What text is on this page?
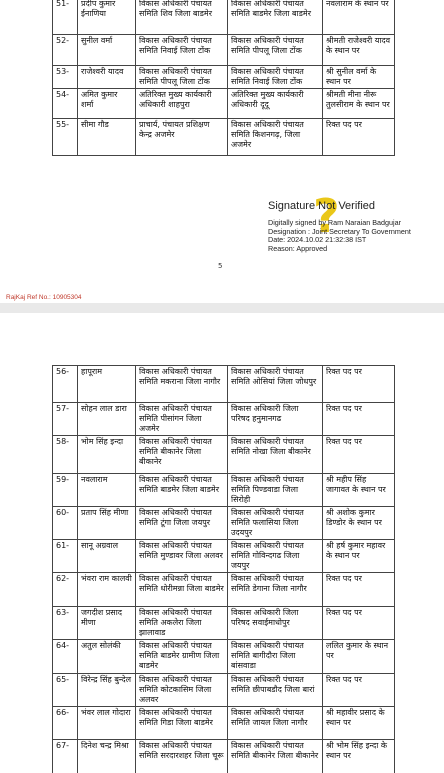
51-	प्रदीप कुमार ईनाणिया	विकास अधिकारी पंचायत समिति शिव जिला बाडमेर	विकास अधिकारी पंचायत समिति बाडमेर जिला बाडमेर	नवलाराम के स्थान पर
52-	सुनील वर्मा	विकास अधिकारी पंचायत समिति निवाई जिला टोंक	विकास अधिकारी पंचायत समिति पीपलू जिला टोंक	श्रीमती राजेश्वरी यादव के स्थान पर
53-	राजेश्वरी यादव	विकास अधिकारी पंचायत समिति पीपलू जिला टोंक	विकास अधिकारी पंचायत समिति निवाई जिला टोंक	श्री सुनील वर्मा के स्थान पर
54-	अमित कुमार शर्मा	अतिरिक्त मुख्य कार्यकारी अधिकारी शाहपुरा	अतिरिक्त मुख्य कार्यकारी अधिकारी दूदू	श्रीमती मीना नीरू तुलसीराम के स्थान पर
55-	सीमा गौड	प्राचार्य, पंचायत प्रशिक्षण केन्द्र अजमेर	विकास अधिकारी पंचायत समिति किशनगढ़, जिला अजमेर	रिक्त पद पर
?
Signature Not Verified
Digitally signed by Ram Naraian Badgujar
Designation : Joint Secretary To Government
Date: 2024.10.02 21:32:38 IST
Reason: Approved
5
RajKaj Ref No.: 10905304
56-	हापूराम	विकास अधिकारी पंचायत समिति मकराना जिला नागौर	विकास अधिकारी पंचायत समिति ओसियां जिला जोधपुर	रिक्त पद पर
57-	सोहन लाल डारा	विकास अधिकारी पंचायत समिति पीसांगन जिला अजमेर	विकास अधिकारी जिला परिषद हनुमानगढ	रिक्त पद पर
58-	भोम सिंह इन्दा	विकास अधिकारी पंचायत समिति बीकानेर जिला बीकानेर	विकास अधिकारी पंचायत समिति नोखा जिला बीकानेर	रिक्त पद पर
59-	नवलाराम	विकास अधिकारी पंचायत समिति बाडमेर जिला बाडमेर	विकास अधिकारी पंचायत समिति पिण्डवाडा जिला सिरोही	श्री महीप सिंह जागावत के स्थान पर
60-	प्रताप सिंह मीणा	विकास अधिकारी पंचायत समिति टूंगा जिला जयपुर	विकास अधिकारी पंचायत समिति फलासिया जिला उदयपुर	श्री अशोक कुमार डिण्डोर के स्थान पर
61-	सानू अग्रवाल	विकास अधिकारी पंचायत समिति मुण्डावर जिला अलवर	विकास अधिकारी पंचायत समिति गोविन्दगढ जिला जयपुर	श्री हर्ष कुमार महावर के स्थान पर
62-	भंवरा राम कालवी	विकास अधिकारी पंचायत समिति धोरीमन्ना जिला बाडमेर	विकास अधिकारी पंचायत समिति डेगाना जिला नागौर	रिक्त पद पर
63-	जगदीश प्रसाद मीणा	विकास अधिकारी पंचायत समिति अकलेरा जिला झालावाड	विकास अधिकारी जिला परिषद सवाईमाधोपुर	रिक्त पद पर
64-	अतुल सोलंकी	विकास अधिकारी पंचायत समिति बाडमेर ग्रामीण जिला बाडमेर	विकास अधिकारी पंचायत समिति बागीदौरा जिला बांसवाडा	ललित कुमार के स्थान पर
65-	विरेन्द्र सिंह बुन्देल	विकास अधिकारी पंचायत समिति कोटकासिम जिला अलवर	विकास अधिकारी पंचायत समिति छीपाबडौद जिला बारां	रिक्त पद पर
66-	भंवर लाल गोदारा	विकास अधिकारी पंचायत समिति गिडा जिला बाडमेर	विकास अधिकारी पंचायत समिति जायल जिला नागौर	श्री महावीर प्रसाद के स्थान पर
67-	दिनेश चन्द्र मिश्रा	विकास अधिकारी पंचायत समिति सरदारशहर जिला चूरू	विकास अधिकारी पंचायत समिति बीकानेर जिला बीकानेर	श्री भोम सिंह इन्दा के स्थान पर
